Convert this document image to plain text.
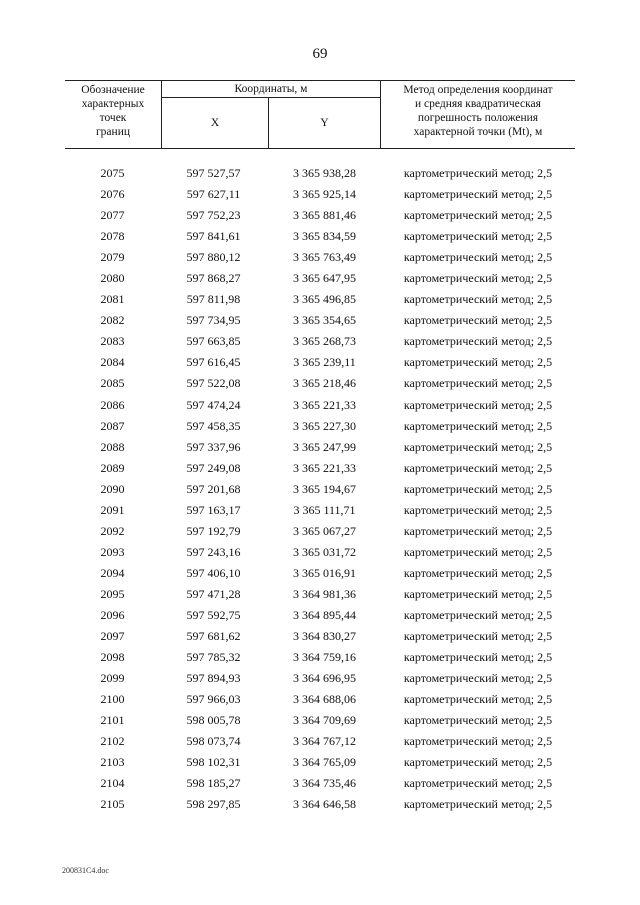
69
Обозначение
характерных
точек
границ
Координаты, м
X	Y
Метод определения координат
и средняя квадратическая
погрешность положения
характерной точки (Mt), м
2075	597 527,57	3 365 938,28	картометрический метод; 2,5
2076	597 627,11	3 365 925,14	картометрический метод; 2,5
2077	597 752,23	3 365 881,46	картометрический метод; 2,5
2078	597 841,61	3 365 834,59	картометрический метод; 2,5
2079	597 880,12	3 365 763,49	картометрический метод; 2,5
2080	597 868,27	3 365 647,95	картометрический метод; 2,5
2081	597 811,98	3 365 496,85	картометрический метод; 2,5
2082	597 734,95	3 365 354,65	картометрический метод; 2,5
2083	597 663,85	3 365 268,73	картометрический метод; 2,5
2084	597 616,45	3 365 239,11	картометрический метод; 2,5
2085	597 522,08	3 365 218,46	картометрический метод; 2,5
2086	597 474,24	3 365 221,33	картометрический метод; 2,5
2087	597 458,35	3 365 227,30	картометрический метод; 2,5
2088	597 337,96	3 365 247,99	картометрический метод; 2,5
2089	597 249,08	3 365 221,33	картометрический метод; 2,5
2090	597 201,68	3 365 194,67	картометрический метод; 2,5
2091	597 163,17	3 365 111,71	картометрический метод; 2,5
2092	597 192,79	3 365 067,27	картометрический метод; 2,5
2093	597 243,16	3 365 031,72	картометрический метод; 2,5
2094	597 406,10	3 365 016,91	картометрический метод; 2,5
2095	597 471,28	3 364 981,36	картометрический метод; 2,5
2096	597 592,75	3 364 895,44	картометрический метод; 2,5
2097	597 681,62	3 364 830,27	картометрический метод; 2,5
2098	597 785,32	3 364 759,16	картометрический метод; 2,5
2099	597 894,93	3 364 696,95	картометрический метод; 2,5
2100	597 966,03	3 364 688,06	картометрический метод; 2,5
2101	598 005,78	3 364 709,69	картометрический метод; 2,5
2102	598 073,74	3 364 767,12	картометрический метод; 2,5
2103	598 102,31	3 364 765,09	картометрический метод; 2,5
2104	598 185,27	3 364 735,46	картометрический метод; 2,5
2105	598 297,85	3 364 646,58	картометрический метод; 2,5
200831C4.doc
